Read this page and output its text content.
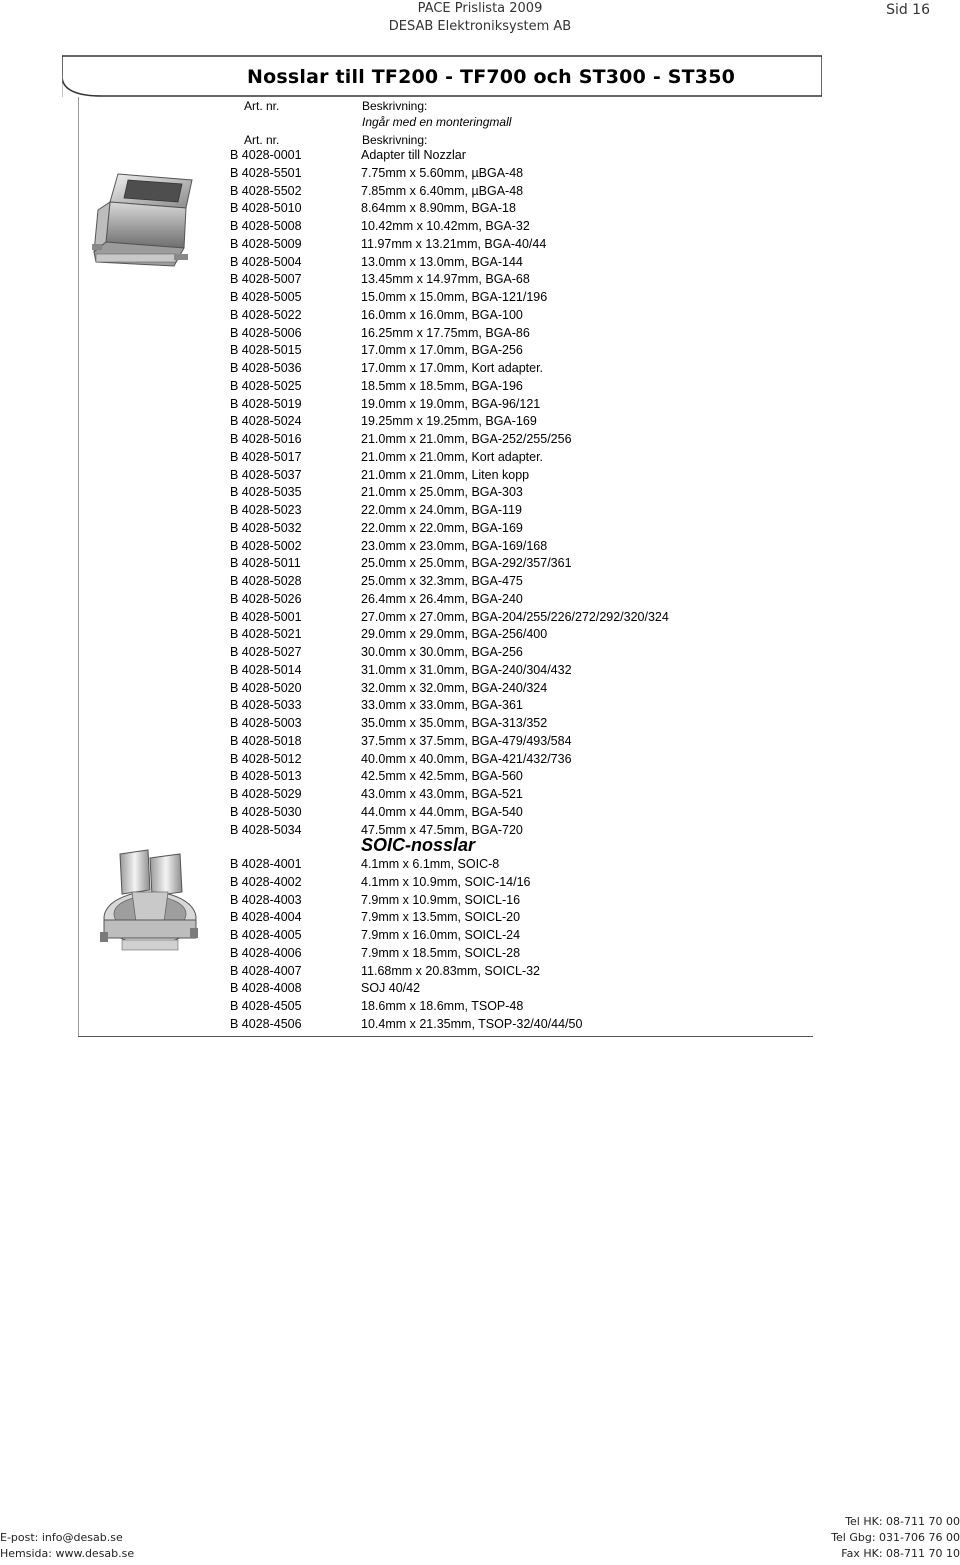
PACE Prislista 2009
DESAB Elektroniksystem AB
Sid 16
Nosslar till TF200 - TF700 och ST300 - ST350
Art. nr.	Beskrivning:
Ingår med en monteringmall
Art. nr.	Beskrivning:
B 4028-0001	Adapter till Nozzlar
B 4028-5501	7.75mm x 5.60mm, µBGA-48
B 4028-5502	7.85mm x 6.40mm, µBGA-48
B 4028-5010	8.64mm x 8.90mm, BGA-18
B 4028-5008	10.42mm x 10.42mm, BGA-32
B 4028-5009	11.97mm x 13.21mm, BGA-40/44
B 4028-5004	13.0mm x 13.0mm, BGA-144
B 4028-5007	13.45mm x 14.97mm, BGA-68
B 4028-5005	15.0mm x 15.0mm, BGA-121/196
B 4028-5022	16.0mm x 16.0mm, BGA-100
B 4028-5006	16.25mm x 17.75mm, BGA-86
B 4028-5015	17.0mm x 17.0mm, BGA-256
B 4028-5036	17.0mm x 17.0mm, Kort adapter.
B 4028-5025	18.5mm x 18.5mm, BGA-196
B 4028-5019	19.0mm x 19.0mm, BGA-96/121
B 4028-5024	19.25mm x 19.25mm, BGA-169
B 4028-5016	21.0mm x 21.0mm, BGA-252/255/256
B 4028-5017	21.0mm x 21.0mm, Kort adapter.
B 4028-5037	21.0mm x 21.0mm, Liten kopp
B 4028-5035	21.0mm x 25.0mm, BGA-303
B 4028-5023	22.0mm x 24.0mm, BGA-119
B 4028-5032	22.0mm x 22.0mm, BGA-169
B 4028-5002	23.0mm x 23.0mm, BGA-169/168
B 4028-5011	25.0mm x 25.0mm, BGA-292/357/361
B 4028-5028	25.0mm x 32.3mm, BGA-475
B 4028-5026	26.4mm x 26.4mm, BGA-240
B 4028-5001	27.0mm x 27.0mm, BGA-204/255/226/272/292/320/324
B 4028-5021	29.0mm x 29.0mm, BGA-256/400
B 4028-5027	30.0mm x 30.0mm, BGA-256
B 4028-5014	31.0mm x 31.0mm, BGA-240/304/432
B 4028-5020	32.0mm x 32.0mm, BGA-240/324
B 4028-5033	33.0mm x 33.0mm, BGA-361
B 4028-5003	35.0mm x 35.0mm, BGA-313/352
B 4028-5018	37.5mm x 37.5mm, BGA-479/493/584
B 4028-5012	40.0mm x 40.0mm, BGA-421/432/736
B 4028-5013	42.5mm x 42.5mm, BGA-560
B 4028-5029	43.0mm x 43.0mm, BGA-521
B 4028-5030	44.0mm x 44.0mm, BGA-540
B 4028-5034	47.5mm x 47.5mm, BGA-720
SOIC-nosslar
B 4028-4001	4.1mm x 6.1mm, SOIC-8
B 4028-4002	4.1mm x 10.9mm, SOIC-14/16
B 4028-4003	7.9mm x 10.9mm, SOICL-16
B 4028-4004	7.9mm x 13.5mm, SOICL-20
B 4028-4005	7.9mm x 16.0mm, SOICL-24
B 4028-4006	7.9mm x 18.5mm, SOICL-28
B 4028-4007	11.68mm x 20.83mm, SOICL-32
B 4028-4008	SOJ 40/42
B 4028-4505	18.6mm x 18.6mm, TSOP-48
B 4028-4506	10.4mm x 21.35mm, TSOP-32/40/44/50
E-post: info@desab.se
Hemsida: www.desab.se
Tel HK: 08-711 70 00
Tel Gbg: 031-706 76 00
Fax HK: 08-711 70 10
